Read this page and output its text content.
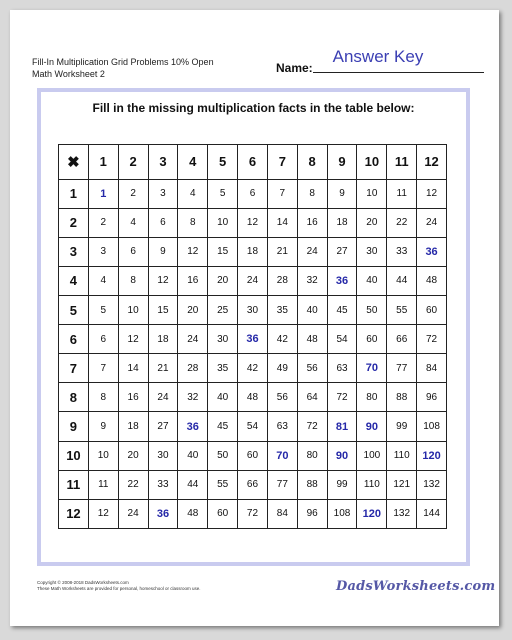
Fill-In Multiplication Grid Problems 10% Open
Math Worksheet 2	Name:
Answer Key
Fill in the missing multiplication facts in the table below:
✖	1	2	3	4	5	6	7	8	9	10	11	12
1	1	2	3	4	5	6	7	8	9	10	11	12
2	2	4	6	8	10	12	14	16	18	20	22	24
3	3	6	9	12	15	18	21	24	27	30	33	36
4	4	8	12	16	20	24	28	32	36	40	44	48
5	5	10	15	20	25	30	35	40	45	50	55	60
6	6	12	18	24	30	36	42	48	54	60	66	72
7	7	14	21	28	35	42	49	56	63	70	77	84
8	8	16	24	32	40	48	56	64	72	80	88	96
9	9	18	27	36	45	54	63	72	81	90	99	108
10	10	20	30	40	50	60	70	80	90	100	110	120
11	11	22	33	44	55	66	77	88	99	110	121	132
12	12	24	36	48	60	72	84	96	108	120	132	144
Copyright © 2008-2018 DadsWorksheets.com
These Math Worksheets are provided for personal, homeschool or classroom use.	DadsWorksheets.com
